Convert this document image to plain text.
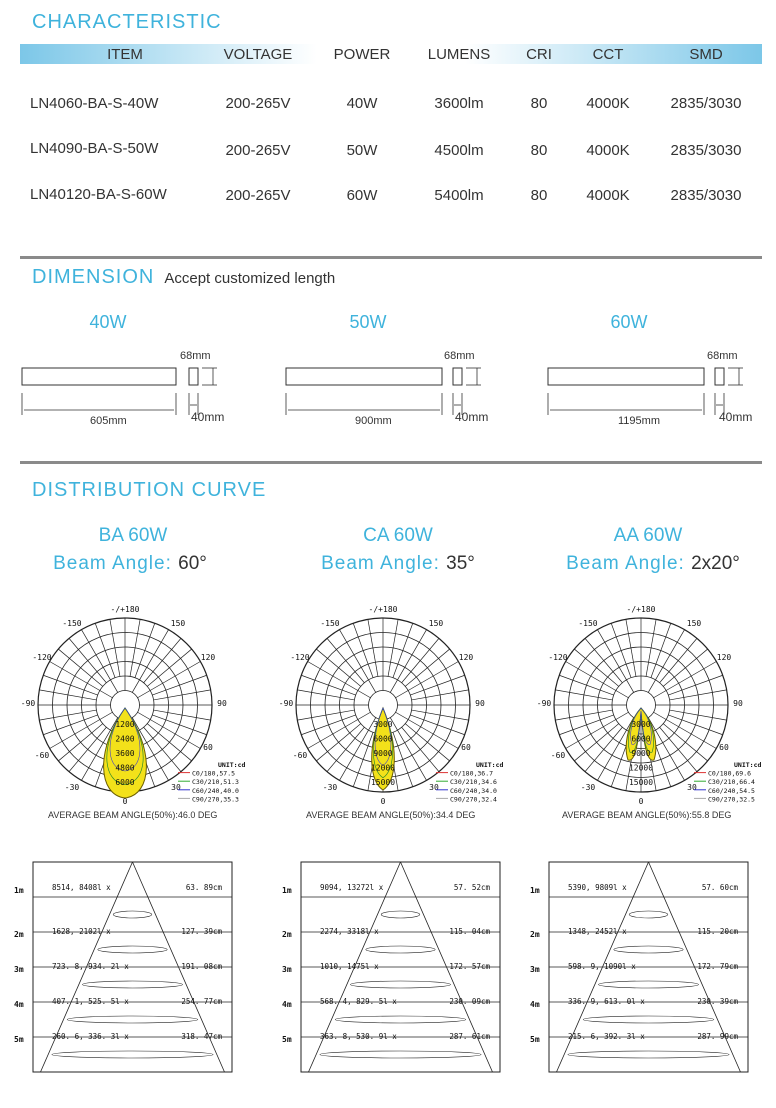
CHARACTERISTIC
ITEM	VOLTAGE	POWER	LUMENS	CRI	CCT	SMD
LN4060-BA-S-40W	200-265V	40W	3600lm	80	4000K	2835/3030
LN4090-BA-S-50W	200-265V	50W	4500lm	80	4000K	2835/3030
LN40120-BA-S-60W	200-265V	60W	5400lm	80	4000K	2835/3030
DIMENSION Accept customized length
40W
68mm
605mm	40mm
50W
68mm
900mm	40mm
60W
68mm
1195mm	40mm
DISTRIBUTION CURVE
BA 60W	CA 60W	AA 60W
Beam Angle: 60°	Beam Angle: 35°	Beam Angle: 2x20°
-/+180
-150	150
-120	120
-90	90
-60
60
-30	30
0
1200
2400
3600
4800
6000
UNIT:cd
C0/180,57.5
C30/210,51.3
C60/240,40.0
C90/270,35.3
-/+180
-150	150
-120	120
-90	90
-60
60
-30	30
0
3000
6000
9000
12000
15000
UNIT:cd
C0/180,36.7
C30/210,34.6
C60/240,34.0
C90/270,32.4
-/+180
-150	150
-120	120
-90	90
-60
60
-30	30
0
3000
6000
9000
12000
15000
UNIT:cd
C0/180,69.6
C30/210,66.4
C60/240,54.5
C90/270,32.5
AVERAGE BEAM ANGLE(50%):46.0 DEG	AVERAGE BEAM ANGLE(50%):34.4 DEG	AVERAGE BEAM ANGLE(50%):55.8 DEG
1m	8514, 8408l x	63. 89cm
2m	1628, 2102l x	127. 39cm
3m	723. 8, 934. 2l x	191. 08cm
4m	407. 1, 525. 5l x	254. 77cm
5m	260. 6, 336. 3l x	318. 47cm
1m	9094, 13272l x	57. 52cm
2m	2274, 3318l x	115. 04cm
3m	1010, 1475l x	172. 57cm
4m	568. 4, 829. 5l x	230. 09cm
5m	363. 8, 530. 9l x	287. 61cm
1m	5390, 9809l x	57. 60cm
2m	1348, 2452l x	115. 20cm
3m	598. 9, 1090l x	172. 79cm
4m	336. 9, 613. 0l x	230. 39cm
5m	215. 6, 392. 3l x	287. 99cm
